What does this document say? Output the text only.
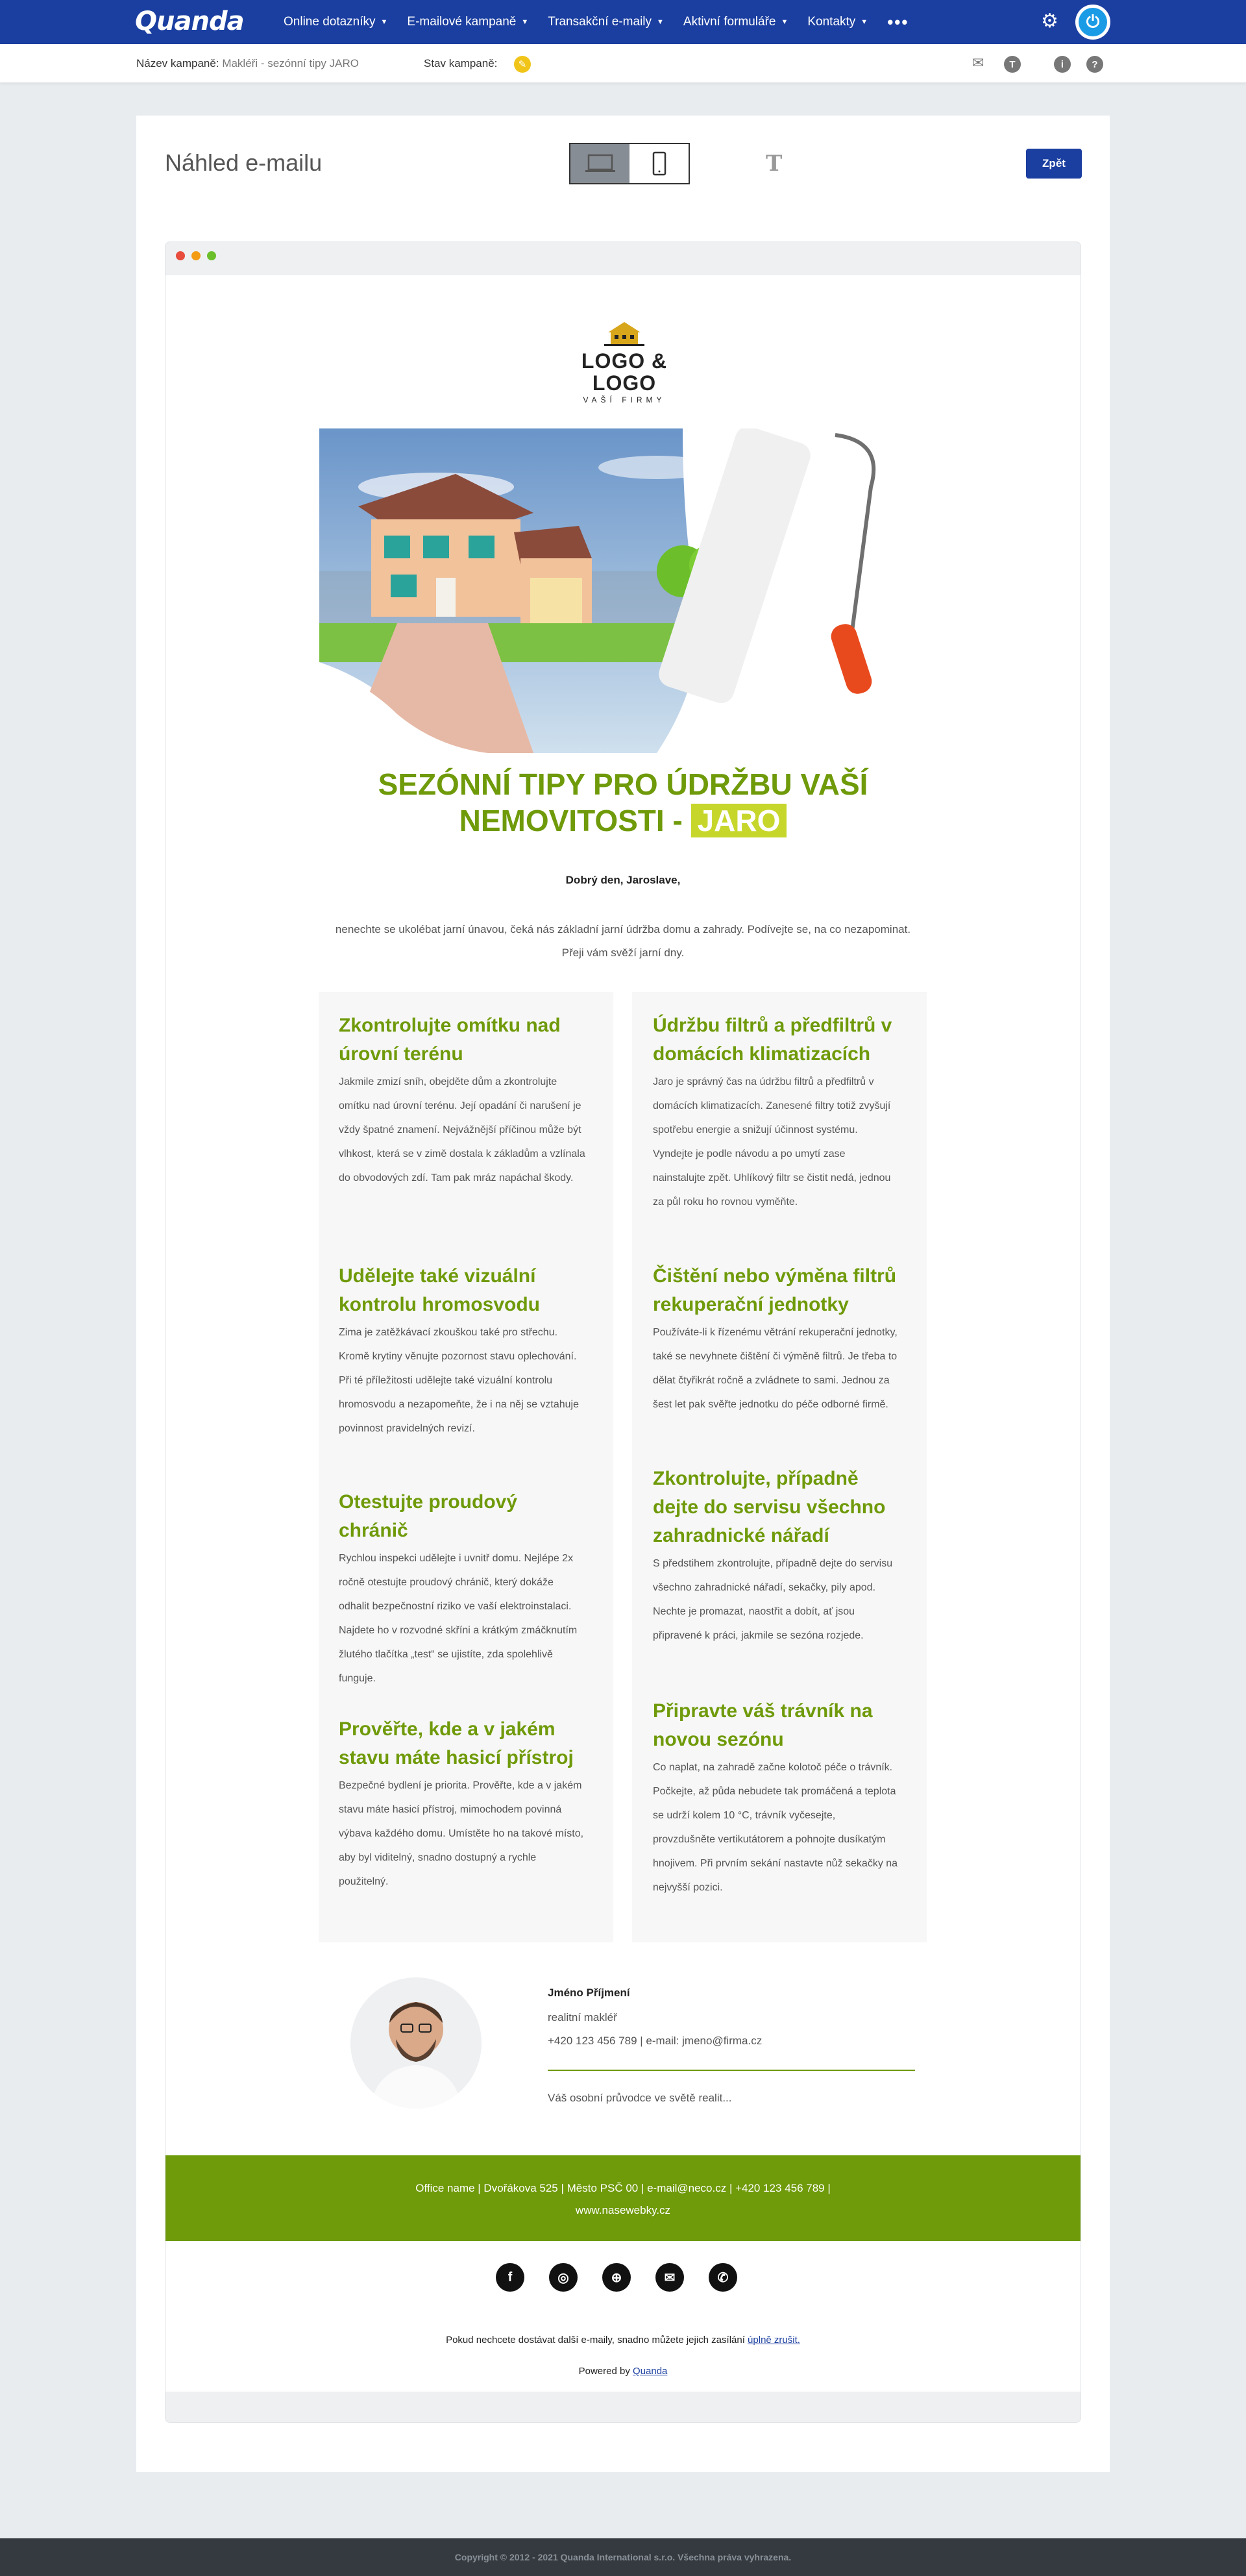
Quanda	Online dotazníky ▼ E-mailové kampaně ▼ Transakční e-maily ▼ Aktivní formuláře ▼ Kontakty ▼ •••	⚙	⏻
Název kampaně: Makléři - sezónní tipy JARO	Stav kampaně:	✎	✉	T	i	?
Náhled e-mailu	T	Zpět
LOGO & LOGO
VAŠÍ FIRMY
SEZÓNNÍ TIPY PRO ÚDRŽBU VAŠÍ
NEMOVITOSTI - JARO
Dobrý den, Jaroslave,
nenechte se ukolébat jarní únavou, čeká nás základní jarní údržba domu a zahrady. Podívejte se, na co nezapominat. Přeji vám svěží jarní dny.
Zkontrolujte omítku nad úrovní terénu

Jakmile zmizí sníh, obejděte dům a zkontrolujte omítku nad úrovní terénu. Její opadání či narušení je vždy špatné znamení. Nejvážnější příčinou může být vlhkost, která se v zimě dostala k základům a vzlínala do obvodových zdí. Tam pak mráz napáchal škody.

Udělejte také vizuální kontrolu hromosvodu

Zima je zatěžkávací zkouškou také pro střechu. Kromě krytiny věnujte pozornost stavu oplechování. Při té příležitosti udělejte také vizuální kontrolu hromosvodu a nezapomeňte, že i na něj se vztahuje povinnost pravidelných revizí.

Otestujte proudový chránič

Rychlou inspekci udělejte i uvnitř domu. Nejlépe 2x ročně otestujte proudový chránič, který dokáže odhalit bezpečnostní riziko ve vaší elektroinstalaci. Najdete ho v rozvodné skříni a krátkým zmáčknutím žlutého tlačítka „test“ se ujistíte, zda spolehlivě funguje.

Prověřte, kde a v jakém stavu máte hasicí přístroj

Bezpečné bydlení je priorita. Prověřte, kde a v jakém stavu máte hasicí přístroj, mimochodem povinná výbava každého domu. Umístěte ho na takové místo, aby byl viditelný, snadno dostupný a rychle použitelný.

Údržbu filtrů a předfiltrů v domácích klimatizacích

Jaro je správný čas na údržbu filtrů a předfiltrů v domácích klimatizacích. Zanesené filtry totiž zvyšují spotřebu energie a snižují účinnost systému. Vyndejte je podle návodu a po umytí zase nainstalujte zpět. Uhlíkový filtr se čistit nedá, jednou za půl roku ho rovnou vyměňte.

Čištění nebo výměna filtrů rekuperační jednotky

Používáte-li k řízenému větrání rekuperační jednotky, také se nevyhnete čištění či výměně filtrů. Je třeba to dělat čtyřikrát ročně a zvládnete to sami. Jednou za šest let pak svěřte jednotku do péče odborné firmě.

Zkontrolujte, případně dejte do servisu všechno zahradnické nářadí

S předstihem zkontrolujte, případně dejte do servisu všechno zahradnické nářadí, sekačky, pily apod. Nechte je promazat, naostřit a dobít, ať jsou připravené k práci, jakmile se sezóna rozjede.

Připravte váš trávník na novou sezónu

Co naplat, na zahradě začne kolotoč péče o trávník. Počkejte, až půda nebudete tak promáčená a teplota se udrží kolem 10 °C, trávník vyčesejte, provzdušněte vertikutátorem a pohnojte dusíkatým hnojivem. Při prvním sekání nastavte nůž sekačky na nejvyšší pozici.

Jméno Příjmení
realitní makléř
+420 123 456 789 | e-mail: jmeno@firma.cz
Váš osobní průvodce ve světě realit...
Office name | Dvořákova 525 | Město PSČ 00 | e-mail@neco.cz | +420 123 456 789 |
www.nasewebky.cz
f	◎	⊕	✉	✆
Pokud nechcete dostávat další e-maily, snadno můžete jejich zasílání úplně zrušit.
Powered by Quanda
Copyright © 2012 - 2021 Quanda International s.r.o. Všechna práva vyhrazena.
